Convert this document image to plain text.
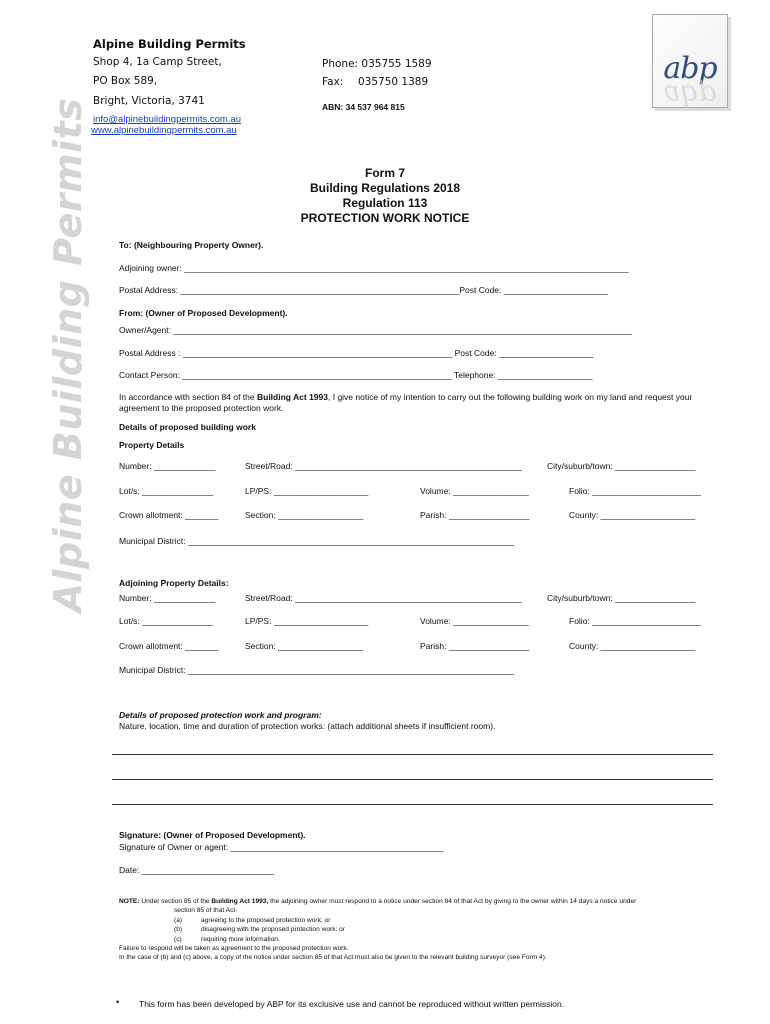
Alpine Building Permits
abp
abp
Alpine Building Permits
Shop 4, 1a Camp Street,
PO Box 589,
Bright, Victoria, 3741
info@alpinebuildingpermits.com.au
www.alpinebuildingpermits.com.au
Phone: 035755 1589
Fax: 035750 1389
ABN: 34 537 964 815
Form 7
Building Regulations 2018
Regulation 113
PROTECTION WORK NOTICE
To: (Neighbouring Property Owner).
Adjoining owner: ______________________________________________________________________________________________
Postal Address: ___________________________________________________________Post Code: ______________________
From: (Owner of Proposed Development).
Owner/Agent: _________________________________________________________________________________________________
Postal Address : _________________________________________________________ Post Code: ____________________
Contact Person: _________________________________________________________ Telephone: ____________________
In accordance with section 84 of the Building Act 1993, I give notice of my intention to carry out the following building work on my land and request your
agreement to the proposed protection work.
Details of proposed building work
Property Details
Number: _____________	Street/Road: ________________________________________________	City/suburb/town: _________________
Lot/s: _______________	LP/PS: ____________________	Volume: ________________	Folio: _______________________
Crown allotment: _______	Section: __________________	Parish: _________________	County: ____________________
Municipal District: _____________________________________________________________________
Adjoining Property Details:
Number: _____________	Street/Road: ________________________________________________	City/suburb/town: _________________
Lot/s: _______________	LP/PS: ____________________	Volume: ________________	Folio: _______________________
Crown allotment: _______	Section: __________________	Parish: _________________	County: ____________________
Municipal District: _____________________________________________________________________
Details of proposed protection work and program:
Nature, location, time and duration of protection works: (attach additional sheets if insufficient room).
Signature: (Owner of Proposed Development).
Signature of Owner or agent: _____________________________________________
Date: ____________________________
NOTE: Under section 85 of the Building Act 1993, the adjoining owner must respond to a notice under section 84 of that Act by giving to the owner within 14 days a notice under
section 85 of that Act-
(a)	agreeing to the proposed protection work; or
(b)	disagreeing with the proposed protection work; or
(c)	requiring more information.
Failure to respond will be taken as agreement to the proposed protection work.
In the case of (b) and (c) above, a copy of the notice under section 85 of that Act must also be given to the relevant building surveyor (see Form 4).
• This form has been developed by ABP for its exclusive use and cannot be reproduced without written permission.
